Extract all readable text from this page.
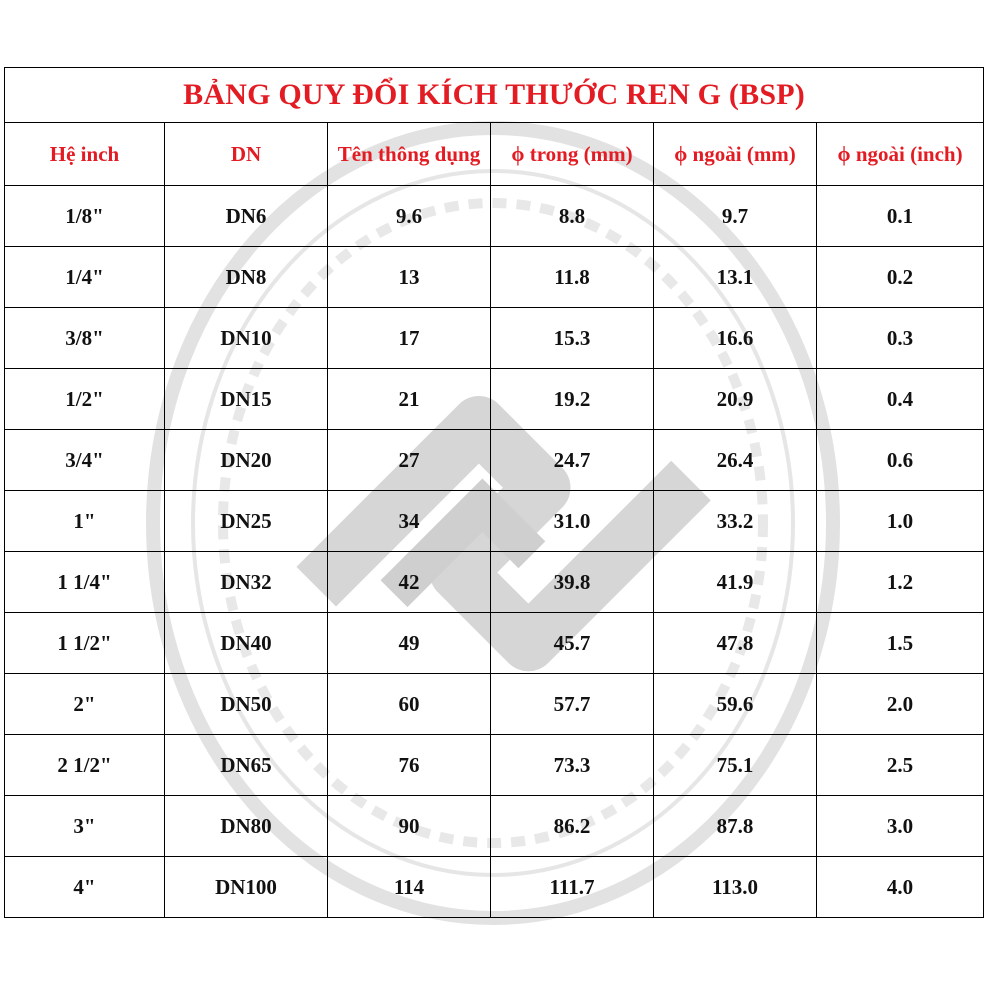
BẢNG QUY ĐỔI KÍCH THƯỚC REN G (BSP)					
Hệ inch	DN	Tên thông dụng	ϕ trong (mm)	ϕ ngoài (mm)	ϕ ngoài (inch)
1/8"	DN6	9.6	8.8	9.7	0.1
1/4"	DN8	13	11.8	13.1	0.2
3/8"	DN10	17	15.3	16.6	0.3
1/2"	DN15	21	19.2	20.9	0.4
3/4"	DN20	27	24.7	26.4	0.6
1"	DN25	34	31.0	33.2	1.0
1 1/4"	DN32	42	39.8	41.9	1.2
1 1/2"	DN40	49	45.7	47.8	1.5
2"	DN50	60	57.7	59.6	2.0
2 1/2"	DN65	76	73.3	75.1	2.5
3"	DN80	90	86.2	87.8	3.0
4"	DN100	114	111.7	113.0	4.0
